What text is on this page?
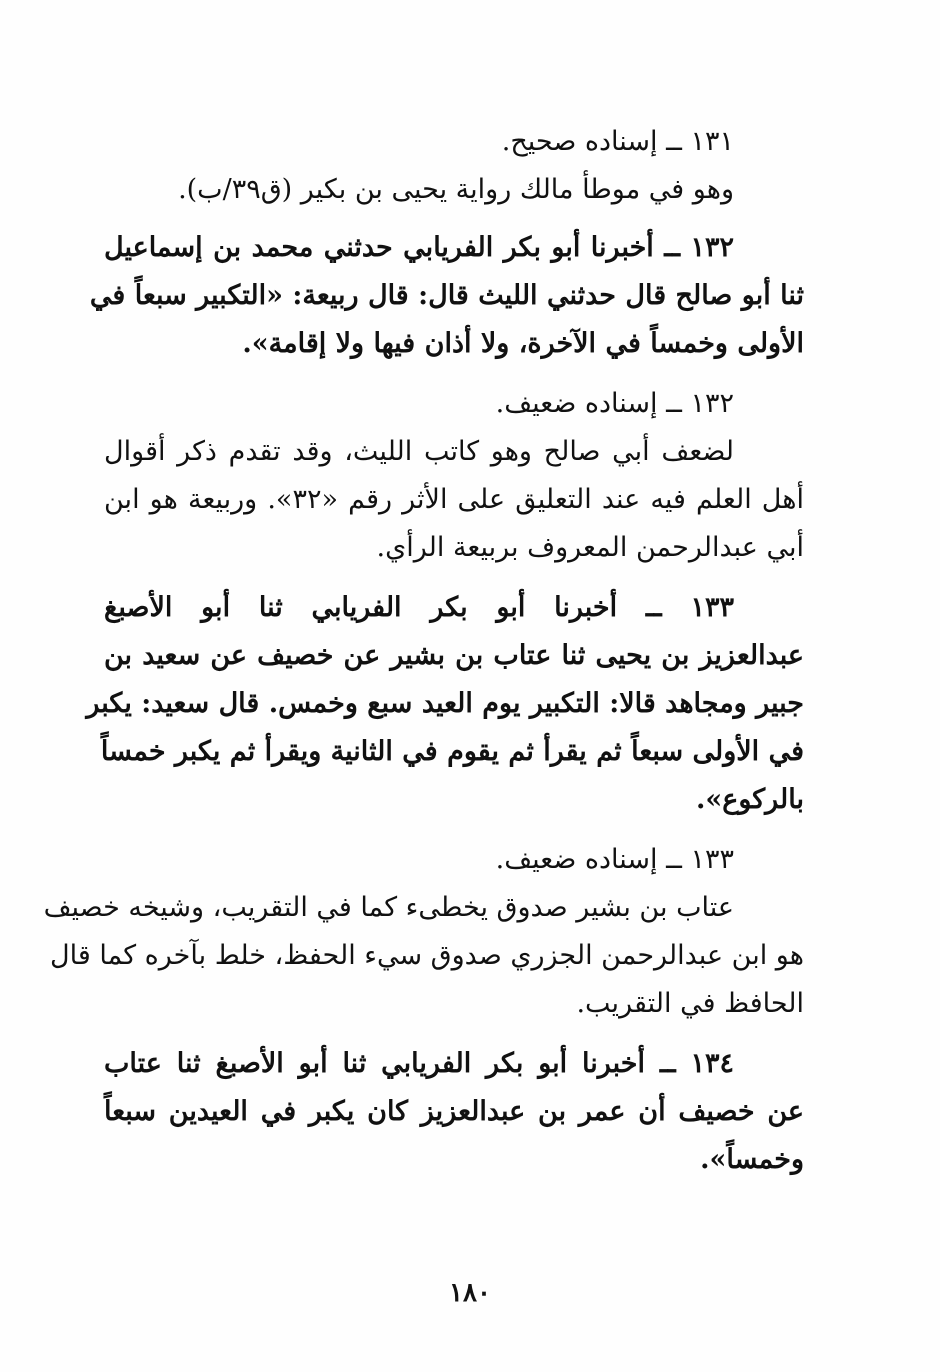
١٣١ ــ إسناده صحيح.
وهو في موطأ مالك رواية يحيى بن بكير (ق٣٩/ب).
١٣٢ ــ أخبرنا أبو بكر الفريابي حدثني محمد بن إسماعيل
ثنا أبو صالح قال حدثني الليث قال: قال ربيعة: «التكبير سبعاً في
الأولى وخمساً في الآخرة، ولا أذان فيها ولا إقامة».
١٣٢ ــ إسناده ضعيف.
لضعف أبي صالح وهو كاتب الليث، وقد تقدم ذكر أقوال
أهل العلم فيه عند التعليق على الأثر رقم «٣٢». وربيعة هو ابن
أبي عبدالرحمن المعروف بربيعة الرأي.
١٣٣ ــ أخبرنا أبو بكر الفريابي ثنا أبو الأصبغ
عبدالعزيز بن يحيى ثنا عتاب بن بشير عن خصيف عن سعيد بن
جبير ومجاهد قالا: التكبير يوم العيد سبع وخمس. قال سعيد: يكبر
في الأولى سبعاً ثم يقرأ ثم يقوم في الثانية ويقرأ ثم يكبر خمساً
بالركوع».
١٣٣ ــ إسناده ضعيف.
عتاب بن بشير صدوق يخطىء كما في التقريب، وشيخه خصيف
هو ابن عبدالرحمن الجزري صدوق سيء الحفظ، خلط بآخره كما قال
الحافظ في التقريب.
١٣٤ ــ أخبرنا أبو بكر الفريابي ثنا أبو الأصبغ ثنا عتاب
عن خصيف أن عمر بن عبدالعزيز كان يكبر في العيدين سبعاً
وخمساً».
١٨٠
